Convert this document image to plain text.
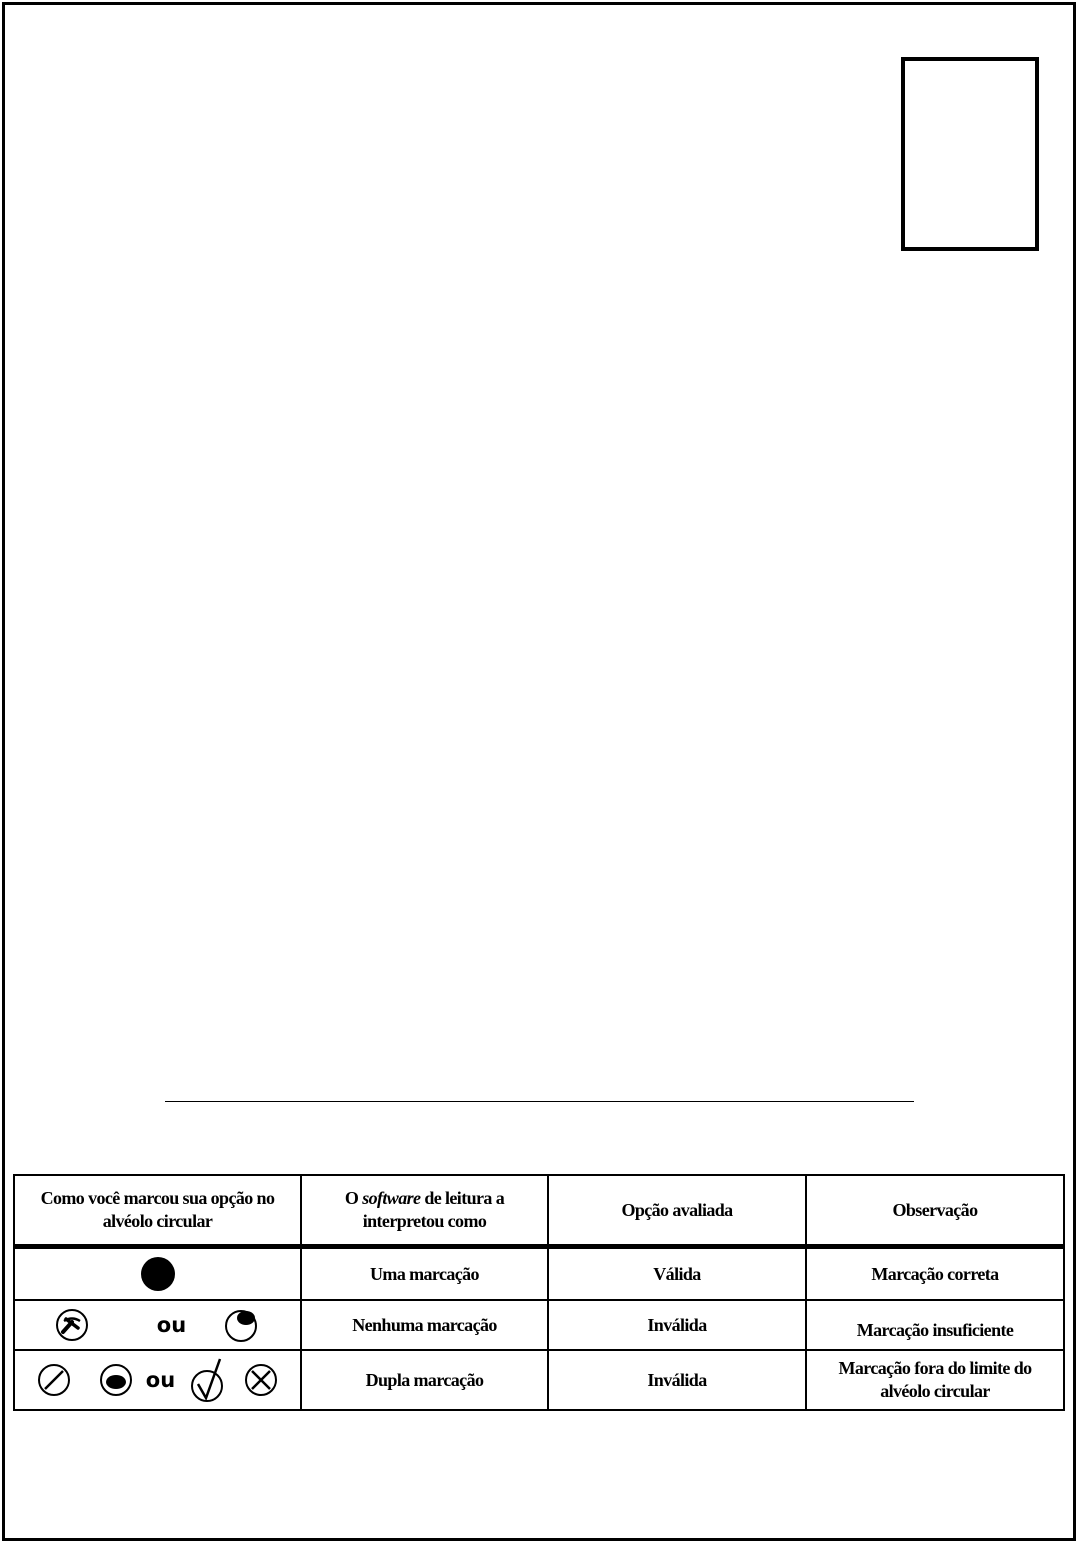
Como você marcou sua opção no alvéolo circular	O software de leitura a interpretou como	Opção avaliada	Observação

	Uma marcação	Válida	Marcação correta

ou	Nenhuma marcação	Inválida	Marcação insuficiente

ou	Dupla marcação	Inválida	Marcação fora do limite do alvéolo circular
